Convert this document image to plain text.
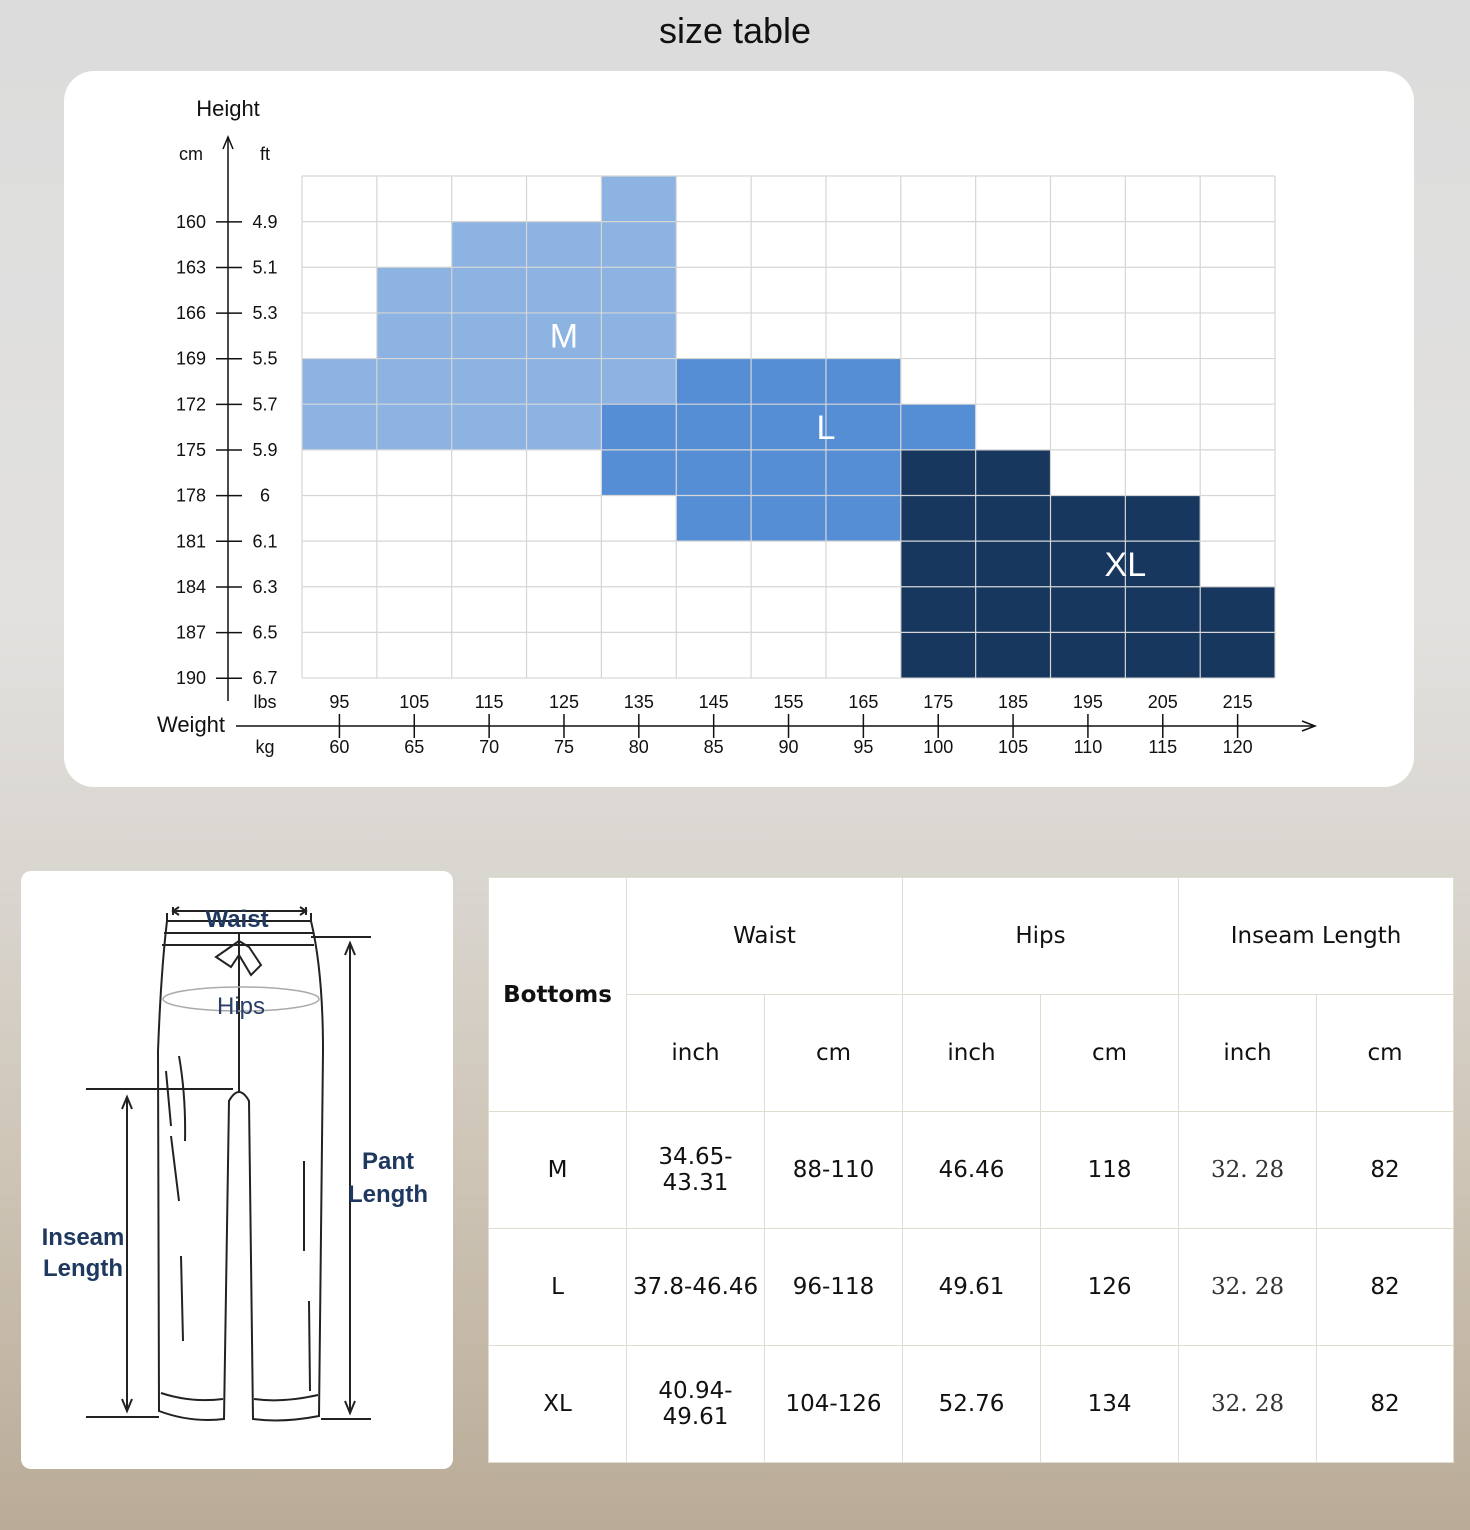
size table
160	4.9
163	5.1
166	5.3
169	5.5
172	5.7
175	5.9
178	6
181	6.1
184	6.3
187	6.5
190	6.7
95
60
105
65
115
70
125
75
135
80
145
85
155
90
165
95
175
100
185
105
195
110
205
115
215
120
Height
cm	ft
Weight
lbs
kg
M
L
XL
Waist
Hips
Pant
Length
Inseam
Length
Bottoms	Waist		Hips		Inseam Length	
	inch	cm	inch	cm	inch	cm
M	34.65-43.31	88-110	46.46	118	32. 28	82
L	37.8-46.46	96-118	49.61	126	32. 28	82
XL	40.94-49.61	104-126	52.76	134	32. 28	82
